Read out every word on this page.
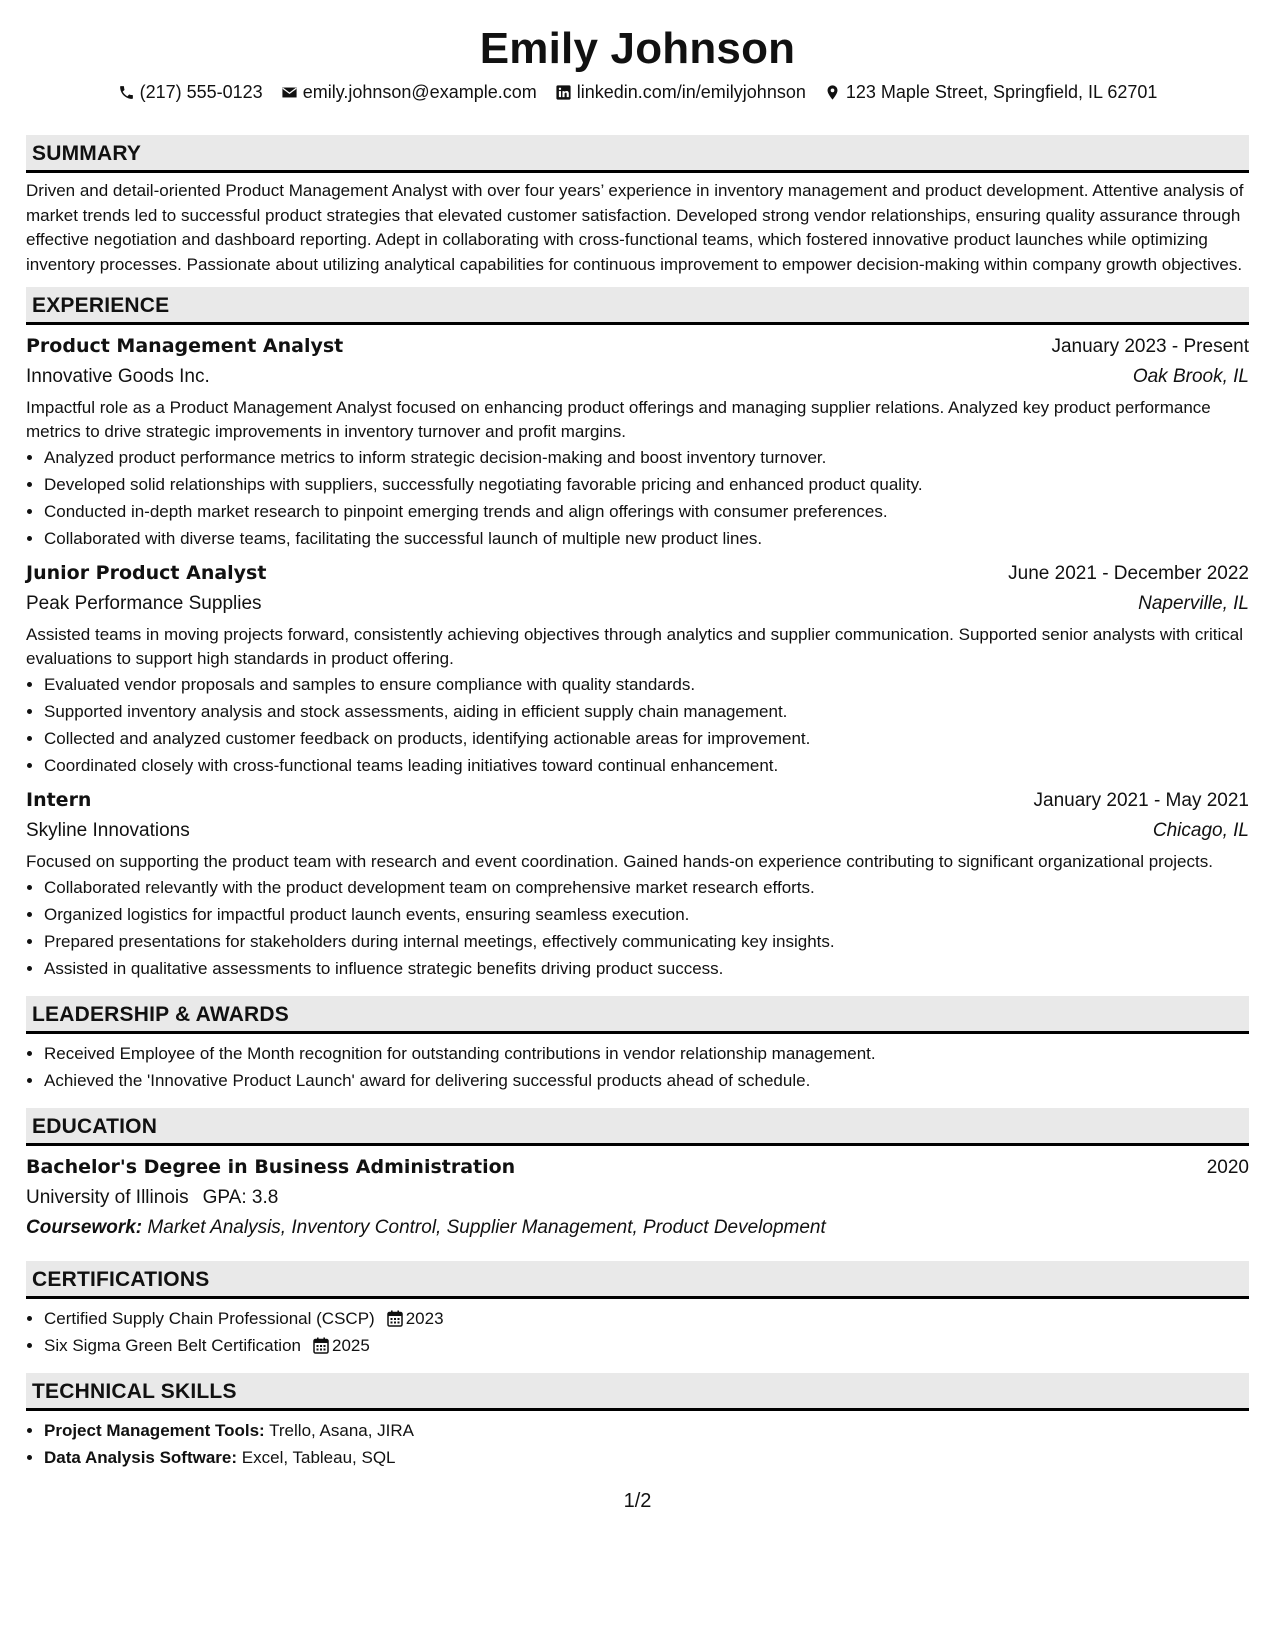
Emily Johnson
(217) 555-0123 emily.johnson@example.com linkedin.com/in/emilyjohnson 123 Maple Street, Springfield, IL 62701
SUMMARY
Driven and detail-oriented Product Management Analyst with over four years’ experience in inventory management and product development. Attentive analysis of market trends led to successful product strategies that elevated customer satisfaction. Developed strong vendor relationships, ensuring quality assurance through effective negotiation and dashboard reporting. Adept in collaborating with cross-functional teams, which fostered innovative product launches while optimizing inventory processes. Passionate about utilizing analytical capabilities for continuous improvement to empower decision-making within company growth objectives.
EXPERIENCE
Product Management Analyst	January 2023 - Present
Innovative Goods Inc.	Oak Brook, IL
Impactful role as a Product Management Analyst focused on enhancing product offerings and managing supplier relations. Analyzed key product performance metrics to drive strategic improvements in inventory turnover and profit margins.
• Analyzed product performance metrics to inform strategic decision-making and boost inventory turnover.
• Developed solid relationships with suppliers, successfully negotiating favorable pricing and enhanced product quality.
• Conducted in-depth market research to pinpoint emerging trends and align offerings with consumer preferences.
• Collaborated with diverse teams, facilitating the successful launch of multiple new product lines.
Junior Product Analyst	June 2021 - December 2022
Peak Performance Supplies	Naperville, IL
Assisted teams in moving projects forward, consistently achieving objectives through analytics and supplier communication. Supported senior analysts with critical evaluations to support high standards in product offering.
• Evaluated vendor proposals and samples to ensure compliance with quality standards.
• Supported inventory analysis and stock assessments, aiding in efficient supply chain management.
• Collected and analyzed customer feedback on products, identifying actionable areas for improvement.
• Coordinated closely with cross-functional teams leading initiatives toward continual enhancement.
Intern	January 2021 - May 2021
Skyline Innovations	Chicago, IL
Focused on supporting the product team with research and event coordination. Gained hands-on experience contributing to significant organizational projects.
• Collaborated relevantly with the product development team on comprehensive market research efforts.
• Organized logistics for impactful product launch events, ensuring seamless execution.
• Prepared presentations for stakeholders during internal meetings, effectively communicating key insights.
• Assisted in qualitative assessments to influence strategic benefits driving product success.
LEADERSHIP & AWARDS
• Received Employee of the Month recognition for outstanding contributions in vendor relationship management.
• Achieved the 'Innovative Product Launch' award for delivering successful products ahead of schedule.
EDUCATION
Bachelor's Degree in Business Administration	2020
University of Illinois GPA: 3.8
Coursework: Market Analysis, Inventory Control, Supplier Management, Product Development
CERTIFICATIONS
• Certified Supply Chain Professional (CSCP) 2023
• Six Sigma Green Belt Certification 2025
TECHNICAL SKILLS
• Project Management Tools: Trello, Asana, JIRA
• Data Analysis Software: Excel, Tableau, SQL
1/2
